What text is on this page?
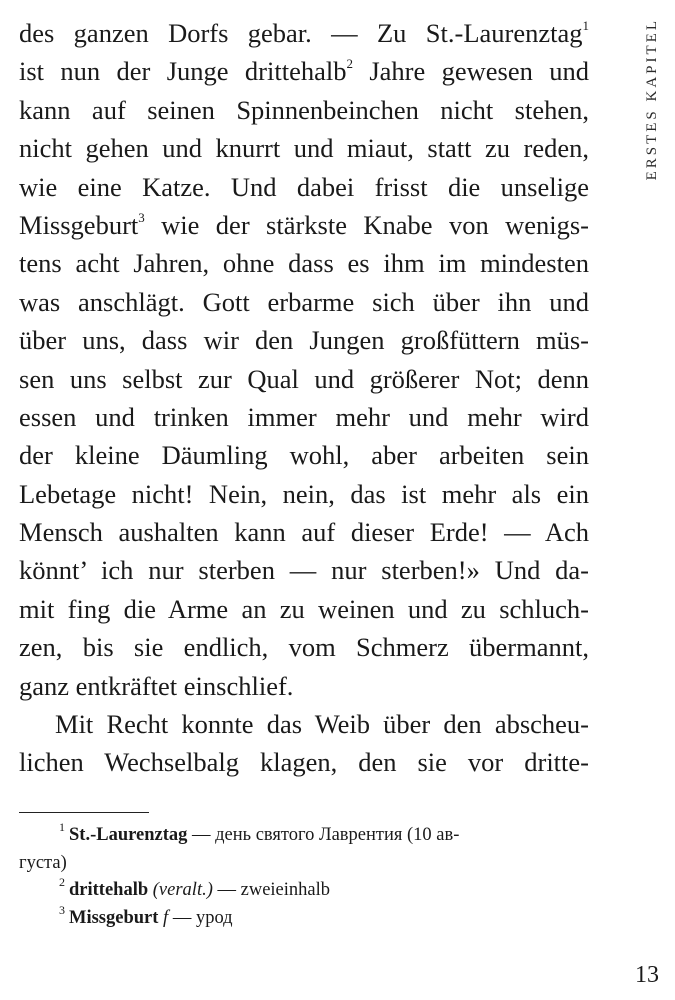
ERSTES KAPITEL
des ganzen Dorfs gebar. — Zu St.-Laurenztag$^1$
ist nun der Junge drittehalb$^2$ Jahre gewesen und
kann auf seinen Spinnenbeinchen nicht stehen,
nicht gehen und knurrt und miaut, statt zu reden,
wie eine Katze. Und dabei frisst die unselige
Missgeburt$^3$ wie der stärkste Knabe von wenigs-
tens acht Jahren, ohne dass es ihm im mindesten
was anschlägt. Gott erbarme sich über ihn und
über uns, dass wir den Jungen großfüttern müs-
sen uns selbst zur Qual und größerer Not; denn
essen und trinken immer mehr und mehr wird
der kleine Däumling wohl, aber arbeiten sein
Lebetage nicht! Nein, nein, das ist mehr als ein
Mensch aushalten kann auf dieser Erde! — Ach
könnt’ ich nur sterben — nur sterben!» Und da-
mit fing die Arme an zu weinen und zu schluch-
zen, bis sie endlich, vom Schmerz übermannt,
ganz entkräftet einschlief.
Mit Recht konnte das Weib über den abscheu-
lichen Wechselbalg klagen, den sie vor dritte-
$^1$ St.-Laurenztag — день святого Лаврентия (10 ав-
густа)
$^2$ drittehalb (veralt.) — zweieinhalb
$^3$ Missgeburt f — урод
13
